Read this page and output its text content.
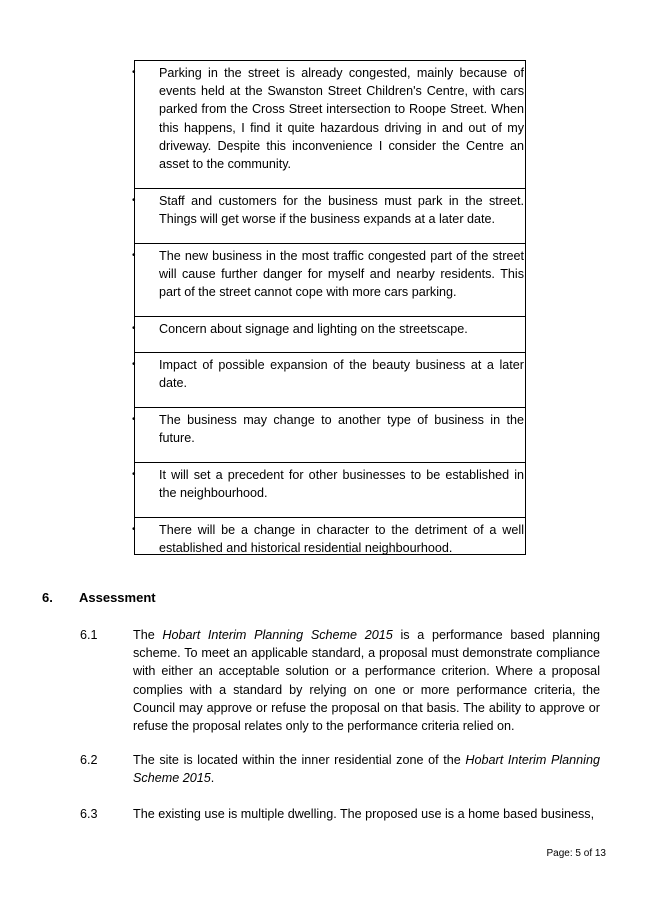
• Parking in the street is already congested, mainly because of events held at the Swanston Street Children's Centre, with cars parked from the Cross Street intersection to Roope Street. When this happens, I find it quite hazardous driving in and out of my driveway. Despite this inconvenience I consider the Centre an asset to the community.
• Staff and customers for the business must park in the street. Things will get worse if the business expands at a later date.
• The new business in the most traffic congested part of the street will cause further danger for myself and nearby residents. This part of the street cannot cope with more cars parking.
• Concern about signage and lighting on the streetscape.
• Impact of possible expansion of the beauty business at a later date.
• The business may change to another type of business in the future.
• It will set a precedent for other businesses to be established in the neighbourhood.
• There will be a change in character to the detriment of a well established and historical residential neighbourhood.
6.	Assessment
6.1	The Hobart Interim Planning Scheme 2015 is a performance based planning scheme. To meet an applicable standard, a proposal must demonstrate compliance with either an acceptable solution or a performance criterion. Where a proposal complies with a standard by relying on one or more performance criteria, the Council may approve or refuse the proposal on that basis. The ability to approve or refuse the proposal relates only to the performance criteria relied on.
6.2	The site is located within the inner residential zone of the Hobart Interim Planning Scheme 2015.
6.3	The existing use is multiple dwelling. The proposed use is a home based business,
Page: 5 of 13
